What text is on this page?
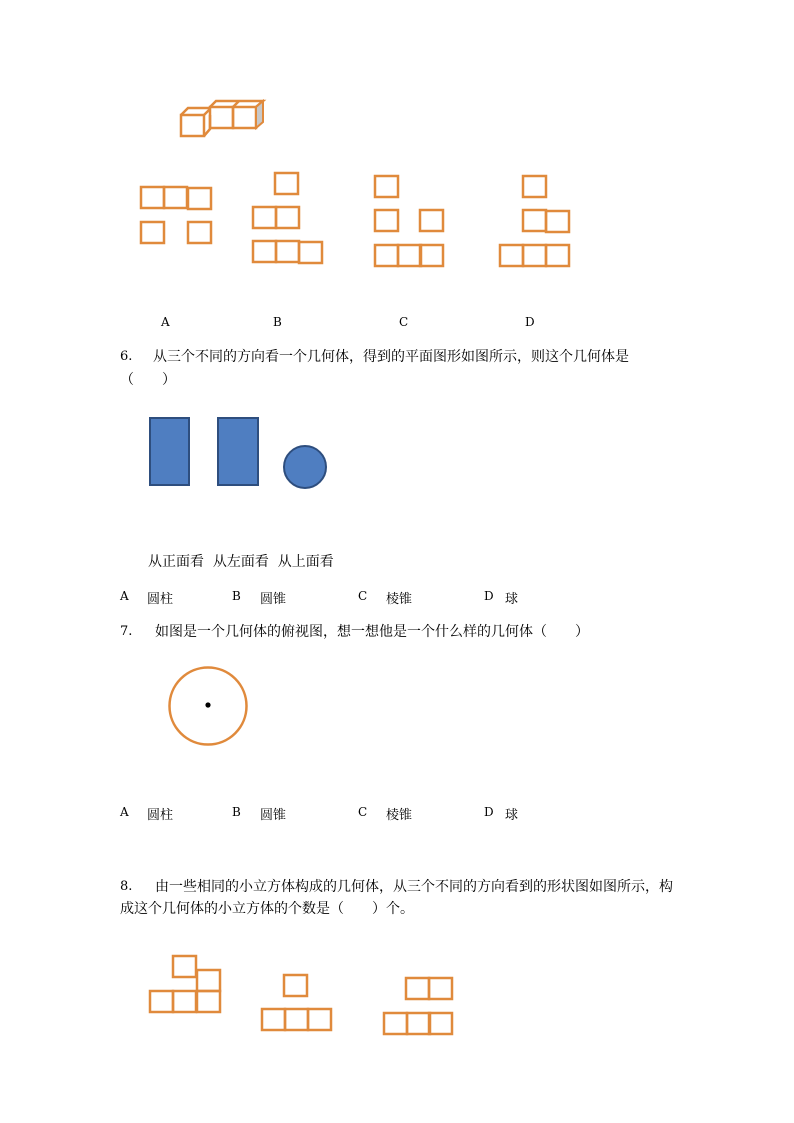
A	B	C	D
6. 从三个不同的方向看一个几何体，得到的平面图形如图所示，则这个几何体是
（　　）
从正面看  从左面看  从上面看
A 圆柱	B 圆锥	C 棱锥	D 球
7. 如图是一个几何体的俯视图，想一想他是一个什么样的几何体（　　）
A 圆柱	B 圆锥	C 棱锥	D 球
8. 由一些相同的小立方体构成的几何体，从三个不同的方向看到的形状图如图所示，构
成这个几何体的小立方体的个数是（　　）个。
